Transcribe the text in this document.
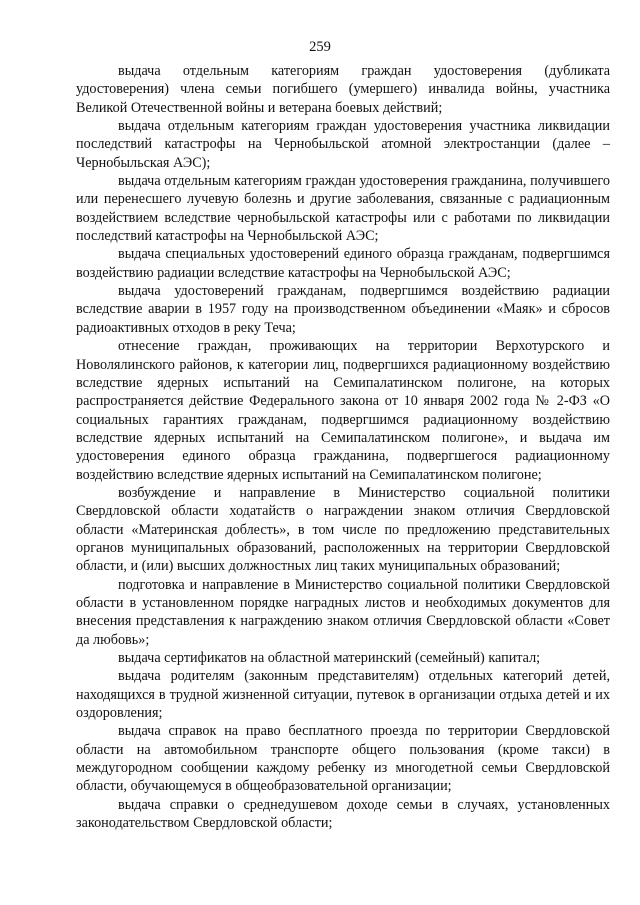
259

выдача отдельным категориям граждан удостоверения (дубликата удостоверения) члена семьи погибшего (умершего) инвалида войны, участника Великой Отечественной войны и ветерана боевых действий;

выдача отдельным категориям граждан удостоверения участника ликвидации последствий катастрофы на Чернобыльской атомной электростанции (далее – Чернобыльская АЭС);

выдача отдельным категориям граждан удостоверения гражданина, получившего или перенесшего лучевую болезнь и другие заболевания, связанные с радиационным воздействием вследствие чернобыльской катастрофы или с работами по ликвидации последствий катастрофы на Чернобыльской АЭС;

выдача специальных удостоверений единого образца гражданам, подвергшимся воздействию радиации вследствие катастрофы на Чернобыльской АЭС;

выдача удостоверений гражданам, подвергшимся воздействию радиации вследствие аварии в 1957 году на производственном объединении «Маяк» и сбросов радиоактивных отходов в реку Теча;

отнесение граждан, проживающих на территории Верхотурского и Новолялинского районов, к категории лиц, подвергшихся радиационному воздействию вследствие ядерных испытаний на Семипалатинском полигоне, на которых распространяется действие Федерального закона от 10 января 2002 года № 2-ФЗ «О социальных гарантиях гражданам, подвергшимся радиационному воздействию вследствие ядерных испытаний на Семипалатинском полигоне», и выдача им удостоверения единого образца гражданина, подвергшегося радиационному воздействию вследствие ядерных испытаний на Семипалатинском полигоне;

возбуждение и направление в Министерство социальной политики Свердловской области ходатайств о награждении знаком отличия Свердловской области «Материнская доблесть», в том числе по предложению представительных органов муниципальных образований, расположенных на территории Свердловской области, и (или) высших должностных лиц таких муниципальных образований;

подготовка и направление в Министерство социальной политики Свердловской области в установленном порядке наградных листов и необходимых документов для внесения представления к награждению знаком отличия Свердловской области «Совет да любовь»;

выдача сертификатов на областной материнский (семейный) капитал;

выдача родителям (законным представителям) отдельных категорий детей, находящихся в трудной жизненной ситуации, путевок в организации отдыха детей и их оздоровления;

выдача справок на право бесплатного проезда по территории Свердловской области на автомобильном транспорте общего пользования (кроме такси) в междугородном сообщении каждому ребенку из многодетной семьи Свердловской области, обучающемуся в общеобразовательной организации;

выдача справки о среднедушевом доходе семьи в случаях, установленных законодательством Свердловской области;
